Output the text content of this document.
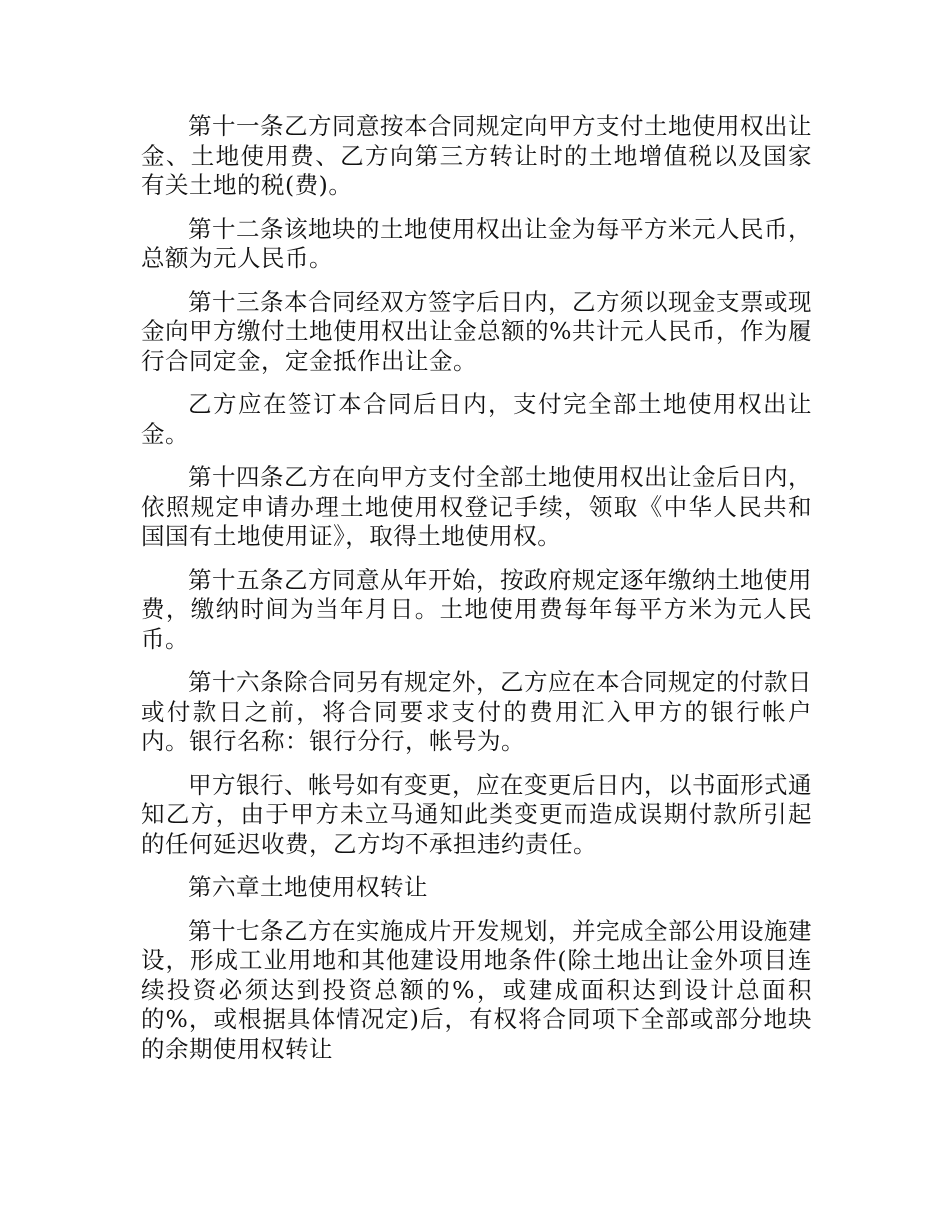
第十一条乙方同意按本合同规定向甲方支付土地使用权出让金、土地使用费、乙方向第三方转让时的土地增值税以及国家有关土地的税(费)。

第十二条该地块的土地使用权出让金为每平方米元人民币，总额为元人民币。

第十三条本合同经双方签字后日内，乙方须以现金支票或现金向甲方缴付土地使用权出让金总额的%共计元人民币，作为履行合同定金，定金抵作出让金。

乙方应在签订本合同后日内，支付完全部土地使用权出让金。

第十四条乙方在向甲方支付全部土地使用权出让金后日内，依照规定申请办理土地使用权登记手续，领取《中华人民共和国国有土地使用证》，取得土地使用权。

第十五条乙方同意从年开始，按政府规定逐年缴纳土地使用费，缴纳时间为当年月日。土地使用费每年每平方米为元人民币。

第十六条除合同另有规定外，乙方应在本合同规定的付款日或付款日之前，将合同要求支付的费用汇入甲方的银行帐户内。银行名称：银行分行，帐号为。

甲方银行、帐号如有变更，应在变更后日内，以书面形式通知乙方，由于甲方未立马通知此类变更而造成误期付款所引起的任何延迟收费，乙方均不承担违约责任。

第六章土地使用权转让

第十七条乙方在实施成片开发规划，并完成全部公用设施建设，形成工业用地和其他建设用地条件(除土地出让金外项目连续投资必须达到投资总额的%，或建成面积达到设计总面积的%，或根据具体情况定)后，有权将合同项下全部或部分地块的余期使用权转让
